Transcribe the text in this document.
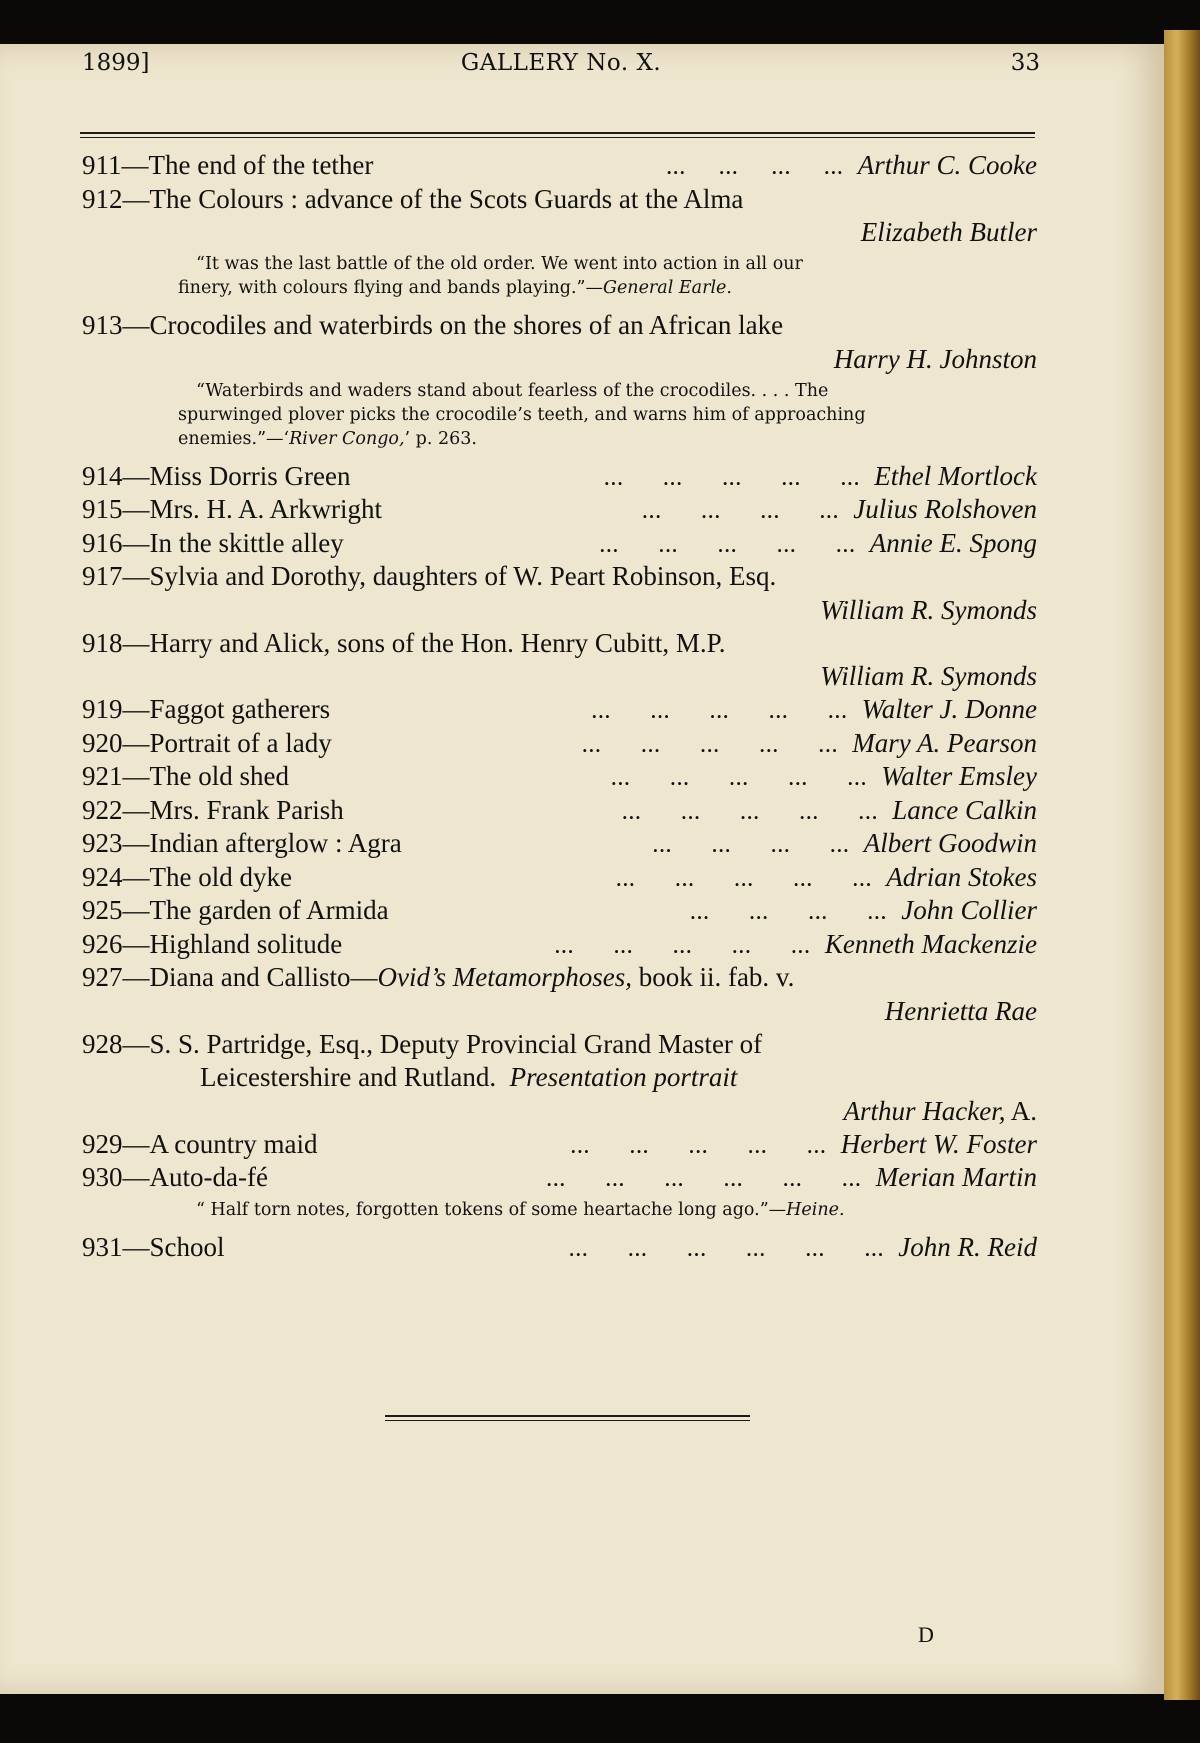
1899]	GALLERY No. X.	33
911 — The end of the tether	...     ...     ...     ... Arthur C. Cooke
912 — The Colours : advance of the Scots Guards at the Alma
Elizabeth Butler
“It was the last battle of the old order. We went into action in all our
finery, with colours flying and bands playing.”—General Earle.
913 — Crocodiles and waterbirds on the shores of an African lake
Harry H. Johnston
“Waterbirds and waders stand about fearless of the crocodiles. . . . The
spurwinged plover picks the crocodile’s teeth, and warns him of approaching
enemies.”—‘River Congo,’ p. 263.
914 — Miss Dorris Green	...      ...      ...      ...      ... Ethel Mortlock
915 — Mrs. H. A. Arkwright	...      ...      ...      ... Julius Rolshoven
916 — In the skittle alley	...      ...      ...      ...      ... Annie E. Spong
917 — Sylvia and Dorothy, daughters of W. Peart Robinson, Esq.
William R. Symonds
918 — Harry and Alick, sons of the Hon. Henry Cubitt, M.P.
William R. Symonds
919 — Faggot gatherers	...      ...      ...      ...      ... Walter J. Donne
920 — Portrait of a lady	...      ...      ...      ...      ... Mary A. Pearson
921 — The old shed	...      ...      ...      ...      ... Walter Emsley
922 — Mrs. Frank Parish	...      ...      ...      ...      ... Lance Calkin
923 — Indian afterglow : Agra	...      ...      ...      ... Albert Goodwin
924 — The old dyke	...      ...      ...      ...      ... Adrian Stokes
925 — The garden of Armida	...      ...      ...      ... John Collier
926 — Highland solitude	...      ...      ...      ...      ... Kenneth Mackenzie
927 — Diana and Callisto— Ovid’s Metamorphoses, book ii. fab. v.
Henrietta Rae
928 — S. S. Partridge, Esq., Deputy Provincial Grand Master of
Leicestershire and Rutland. Presentation portrait
Arthur Hacker, A.
929 — A country maid	...      ...      ...      ...      ... Herbert W. Foster
930 — Auto-da-fé	...      ...      ...      ...      ...      ... Merian Martin
“ Half torn notes, forgotten tokens of some heartache long ago.”—Heine.
931 — School	...      ...      ...      ...      ...      ... John R. Reid
D
